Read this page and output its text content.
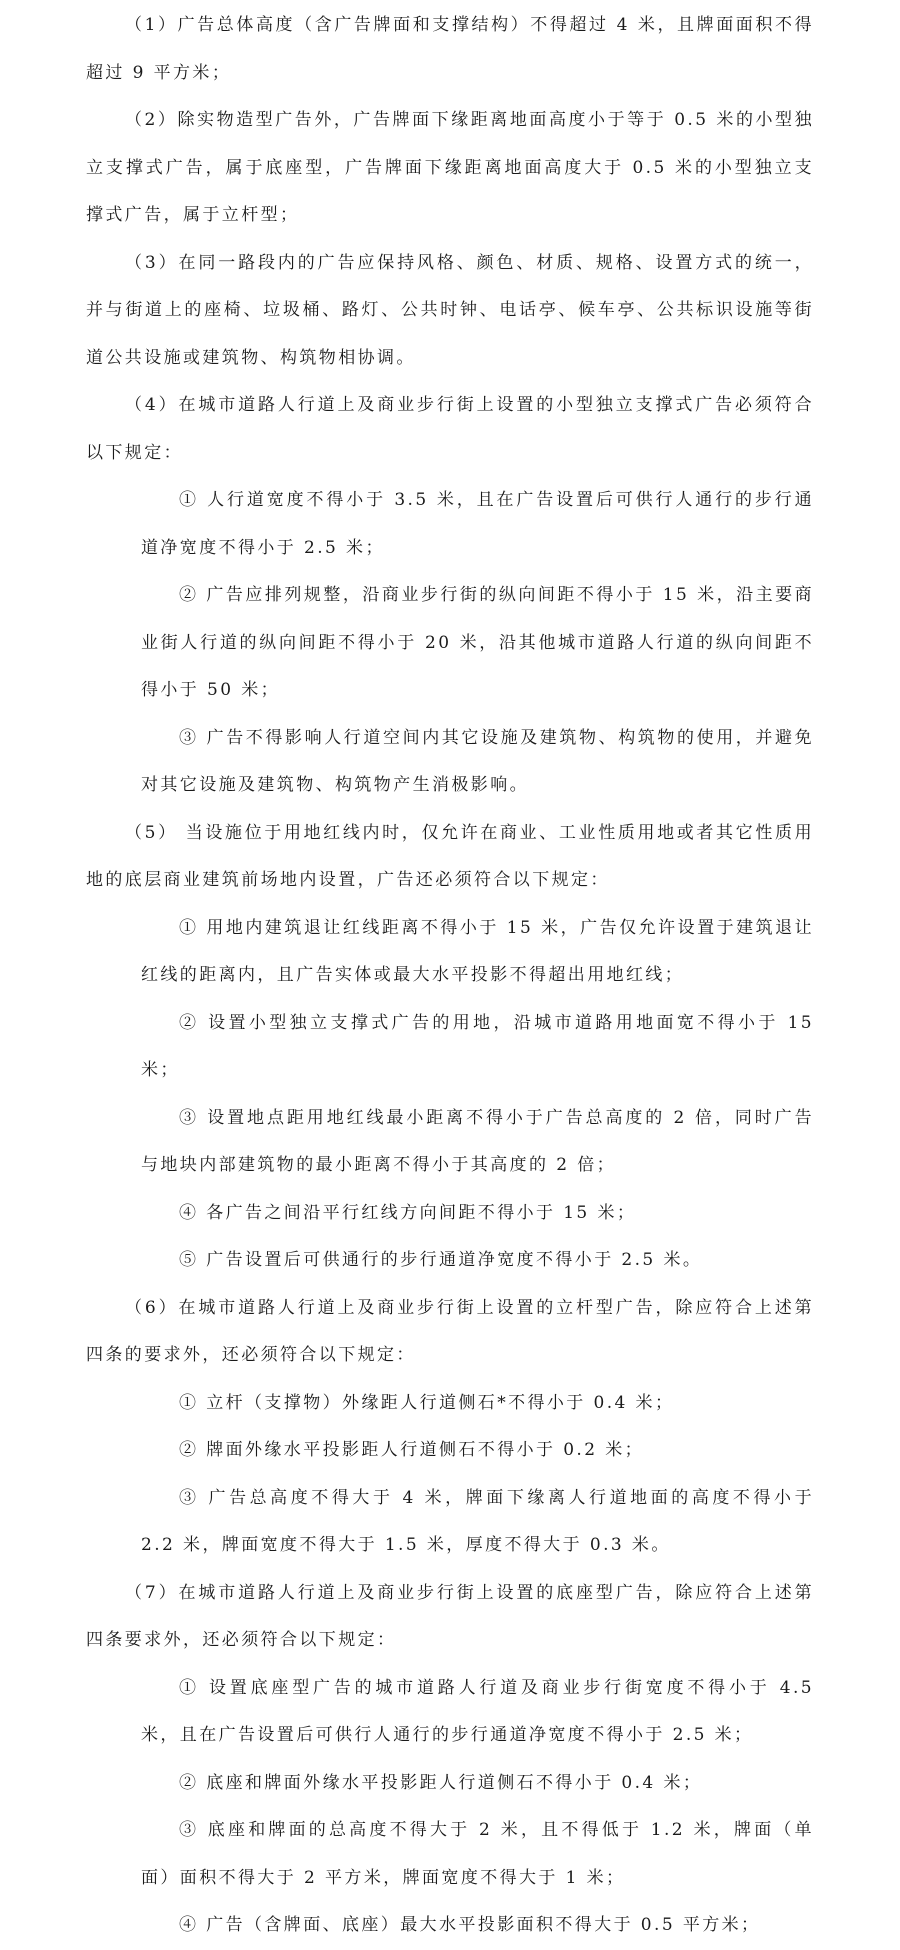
（1）广告总体高度（含广告牌面和支撑结构）不得超过 4 米，且牌面面积不得超过 9 平方米；

（2）除实物造型广告外，广告牌面下缘距离地面高度小于等于 0.5 米的小型独立支撑式广告，属于底座型，广告牌面下缘距离地面高度大于 0.5 米的小型独立支撑式广告，属于立杆型；

（3）在同一路段内的广告应保持风格、颜色、材质、规格、设置方式的统一，并与街道上的座椅、垃圾桶、路灯、公共时钟、电话亭、候车亭、公共标识设施等街道公共设施或建筑物、构筑物相协调。

（4）在城市道路人行道上及商业步行街上设置的小型独立支撑式广告必须符合以下规定：

① 人行道宽度不得小于 3.5 米，且在广告设置后可供行人通行的步行通道净宽度不得小于 2.5 米；

② 广告应排列规整，沿商业步行街的纵向间距不得小于 15 米，沿主要商业街人行道的纵向间距不得小于 20 米，沿其他城市道路人行道的纵向间距不得小于 50 米；

③ 广告不得影响人行道空间内其它设施及建筑物、构筑物的使用，并避免对其它设施及建筑物、构筑物产生消极影响。

（5） 当设施位于用地红线内时，仅允许在商业、工业性质用地或者其它性质用地的底层商业建筑前场地内设置，广告还必须符合以下规定：

① 用地内建筑退让红线距离不得小于 15 米，广告仅允许设置于建筑退让红线的距离内，且广告实体或最大水平投影不得超出用地红线；

② 设置小型独立支撑式广告的用地，沿城市道路用地面宽不得小于 15 米；

③ 设置地点距用地红线最小距离不得小于广告总高度的 2 倍，同时广告与地块内部建筑物的最小距离不得小于其高度的 2 倍；

④ 各广告之间沿平行红线方向间距不得小于 15 米；

⑤ 广告设置后可供通行的步行通道净宽度不得小于 2.5 米。

（6）在城市道路人行道上及商业步行街上设置的立杆型广告，除应符合上述第四条的要求外，还必须符合以下规定：

① 立杆（支撑物）外缘距人行道侧石*不得小于 0.4 米；

② 牌面外缘水平投影距人行道侧石不得小于 0.2 米；

③ 广告总高度不得大于 4 米，牌面下缘离人行道地面的高度不得小于 2.2 米，牌面宽度不得大于 1.5 米，厚度不得大于 0.3 米。

（7）在城市道路人行道上及商业步行街上设置的底座型广告，除应符合上述第四条要求外，还必须符合以下规定：

① 设置底座型广告的城市道路人行道及商业步行街宽度不得小于 4.5 米，且在广告设置后可供行人通行的步行通道净宽度不得小于 2.5 米；

② 底座和牌面外缘水平投影距人行道侧石不得小于 0.4 米；

③ 底座和牌面的总高度不得大于 2 米，且不得低于 1.2 米，牌面（单面）面积不得大于 2 平方米，牌面宽度不得大于 1 米；

④ 广告（含牌面、底座）最大水平投影面积不得大于 0.5 平方米；
